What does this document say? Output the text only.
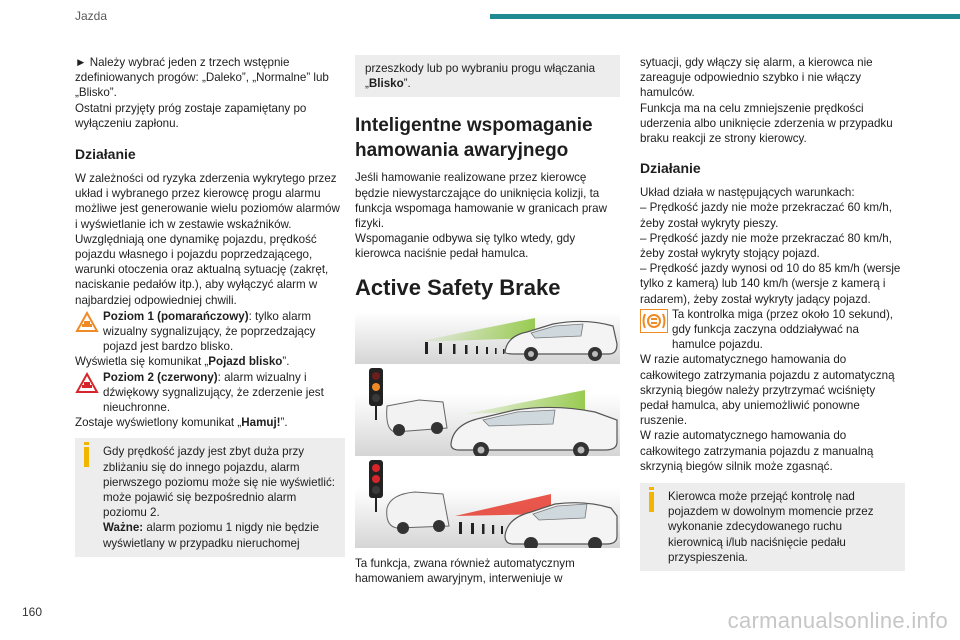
Jazda

► Należy wybrać jeden z trzech wstępnie zdefiniowanych progów: „Daleko”, „Normalne” lub „Blisko”.

Ostatni przyjęty próg zostaje zapamiętany po wyłączeniu zapłonu.

Działanie

W zależności od ryzyka zderzenia wykrytego przez układ i wybranego przez kierowcę progu alarmu możliwe jest generowanie wielu poziomów alarmów i wyświetlanie ich w zestawie wskaźników.

Uwzględniają one dynamikę pojazdu, prędkość pojazdu własnego i pojazdu poprzedzającego, warunki otoczenia oraz aktualną sytuację (zakręt, naciskanie pedałów itp.), aby wyłączyć alarm w najbardziej odpowiedniej chwili.

Poziom 1 (pomarańczowy): tylko alarm wizualny sygnalizujący, że poprzedzający pojazd jest bardzo blisko.

Wyświetla się komunikat „Pojazd blisko”.

Poziom 2 (czerwony): alarm wizualny i dźwiękowy sygnalizujący, że zderzenie jest nieuchronne.

Zostaje wyświetlony komunikat „Hamuj!”.

Gdy prędkość jazdy jest zbyt duża przy zbliżaniu się do innego pojazdu, alarm pierwszego poziomu może się nie wyświetlić: może pojawić się bezpośrednio alarm poziomu 2.

Ważne: alarm poziomu 1 nigdy nie będzie wyświetlany w przypadku nieruchomej

przeszkody lub po wybraniu progu włączania „Blisko”.

Inteligentne wspomaganie hamowania awaryjnego

Jeśli hamowanie realizowane przez kierowcę będzie niewystarczające do uniknięcia kolizji, ta funkcja wspomaga hamowanie w granicach praw fizyki.

Wspomaganie odbywa się tylko wtedy, gdy kierowca naciśnie pedał hamulca.

Active Safety Brake

Ta funkcja, zwana również automatycznym hamowaniem awaryjnym, interweniuje w

sytuacji, gdy włączy się alarm, a kierowca nie zareaguje odpowiednio szybko i nie włączy hamulców.

Funkcja ma na celu zmniejszenie prędkości uderzenia albo uniknięcie zderzenia w przypadku braku reakcji ze strony kierowcy.

Działanie

Układ działa w następujących warunkach:

– Prędkość jazdy nie może przekraczać 60 km/h, żeby został wykryty pieszy.

– Prędkość jazdy nie może przekraczać 80 km/h, żeby został wykryty stojący pojazd.

– Prędkość jazdy wynosi od 10 do 85 km/h (wersje tylko z kamerą) lub 140 km/h (wersje z kamerą i radarem), żeby został wykryty jadący pojazd.

Ta kontrolka miga (przez około 10 sekund), gdy funkcja zaczyna oddziaływać na hamulce pojazdu.

W razie automatycznego hamowania do całkowitego zatrzymania pojazdu z automatyczną skrzynią biegów należy przytrzymać wciśnięty pedał hamulca, aby uniemożliwić ponowne ruszenie.

W razie automatycznego hamowania do całkowitego zatrzymania pojazdu z manualną skrzynią biegów silnik może zgasnąć.

Kierowca może przejąć kontrolę nad pojazdem w dowolnym momencie przez wykonanie zdecydowanego ruchu kierownicą i/lub naciśnięcie pedału przyspieszenia.

160	carmanualsonline.info
